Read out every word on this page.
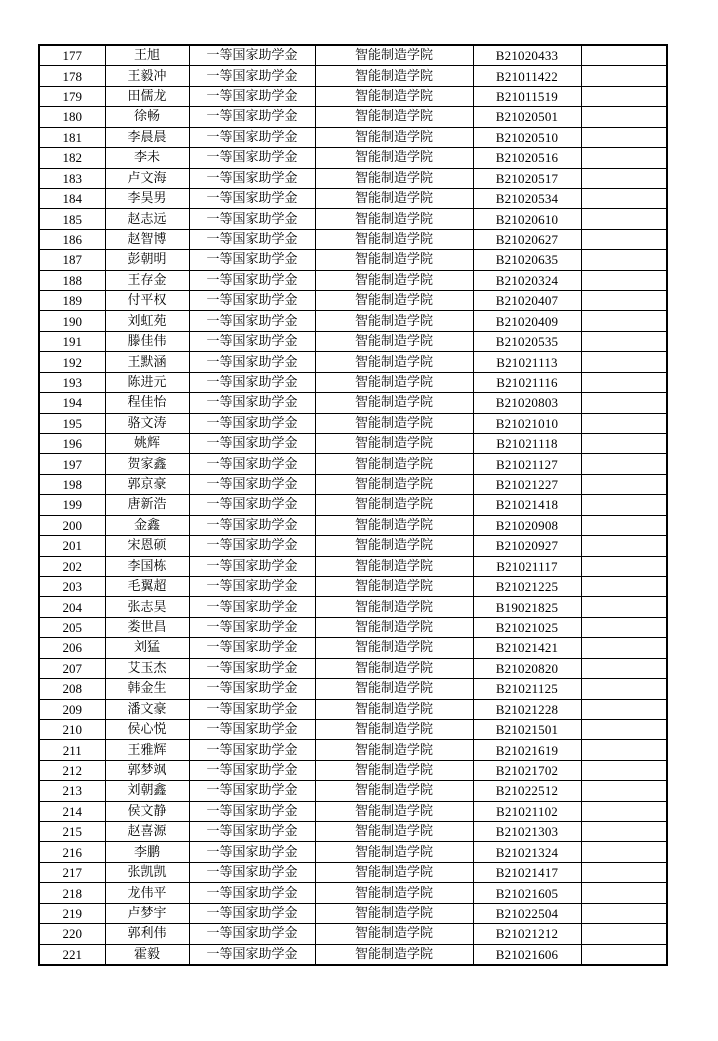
177	王旭	一等国家助学金	智能制造学院	B21020433	
178	王毅冲	一等国家助学金	智能制造学院	B21011422	
179	田儒龙	一等国家助学金	智能制造学院	B21011519	
180	徐畅	一等国家助学金	智能制造学院	B21020501	
181	李晨晨	一等国家助学金	智能制造学院	B21020510	
182	李未	一等国家助学金	智能制造学院	B21020516	
183	卢文海	一等国家助学金	智能制造学院	B21020517	
184	李昊男	一等国家助学金	智能制造学院	B21020534	
185	赵志远	一等国家助学金	智能制造学院	B21020610	
186	赵智博	一等国家助学金	智能制造学院	B21020627	
187	彭朝明	一等国家助学金	智能制造学院	B21020635	
188	王存金	一等国家助学金	智能制造学院	B21020324	
189	付平权	一等国家助学金	智能制造学院	B21020407	
190	刘虹苑	一等国家助学金	智能制造学院	B21020409	
191	滕佳伟	一等国家助学金	智能制造学院	B21020535	
192	王默涵	一等国家助学金	智能制造学院	B21021113	
193	陈进元	一等国家助学金	智能制造学院	B21021116	
194	程佳怡	一等国家助学金	智能制造学院	B21020803	
195	骆文涛	一等国家助学金	智能制造学院	B21021010	
196	姚辉	一等国家助学金	智能制造学院	B21021118	
197	贺家鑫	一等国家助学金	智能制造学院	B21021127	
198	郭京豪	一等国家助学金	智能制造学院	B21021227	
199	唐新浩	一等国家助学金	智能制造学院	B21021418	
200	金鑫	一等国家助学金	智能制造学院	B21020908	
201	宋恩硕	一等国家助学金	智能制造学院	B21020927	
202	李国栋	一等国家助学金	智能制造学院	B21021117	
203	毛翼超	一等国家助学金	智能制造学院	B21021225	
204	张志昊	一等国家助学金	智能制造学院	B19021825	
205	娄世昌	一等国家助学金	智能制造学院	B21021025	
206	刘猛	一等国家助学金	智能制造学院	B21021421	
207	艾玉杰	一等国家助学金	智能制造学院	B21020820	
208	韩金生	一等国家助学金	智能制造学院	B21021125	
209	潘文豪	一等国家助学金	智能制造学院	B21021228	
210	侯心悦	一等国家助学金	智能制造学院	B21021501	
211	王雅辉	一等国家助学金	智能制造学院	B21021619	
212	郭梦飒	一等国家助学金	智能制造学院	B21021702	
213	刘朝鑫	一等国家助学金	智能制造学院	B21022512	
214	侯文静	一等国家助学金	智能制造学院	B21021102	
215	赵喜源	一等国家助学金	智能制造学院	B21021303	
216	李鹏	一等国家助学金	智能制造学院	B21021324	
217	张凯凯	一等国家助学金	智能制造学院	B21021417	
218	龙伟平	一等国家助学金	智能制造学院	B21021605	
219	卢梦宇	一等国家助学金	智能制造学院	B21022504	
220	郭利伟	一等国家助学金	智能制造学院	B21021212	
221	霍毅	一等国家助学金	智能制造学院	B21021606	
